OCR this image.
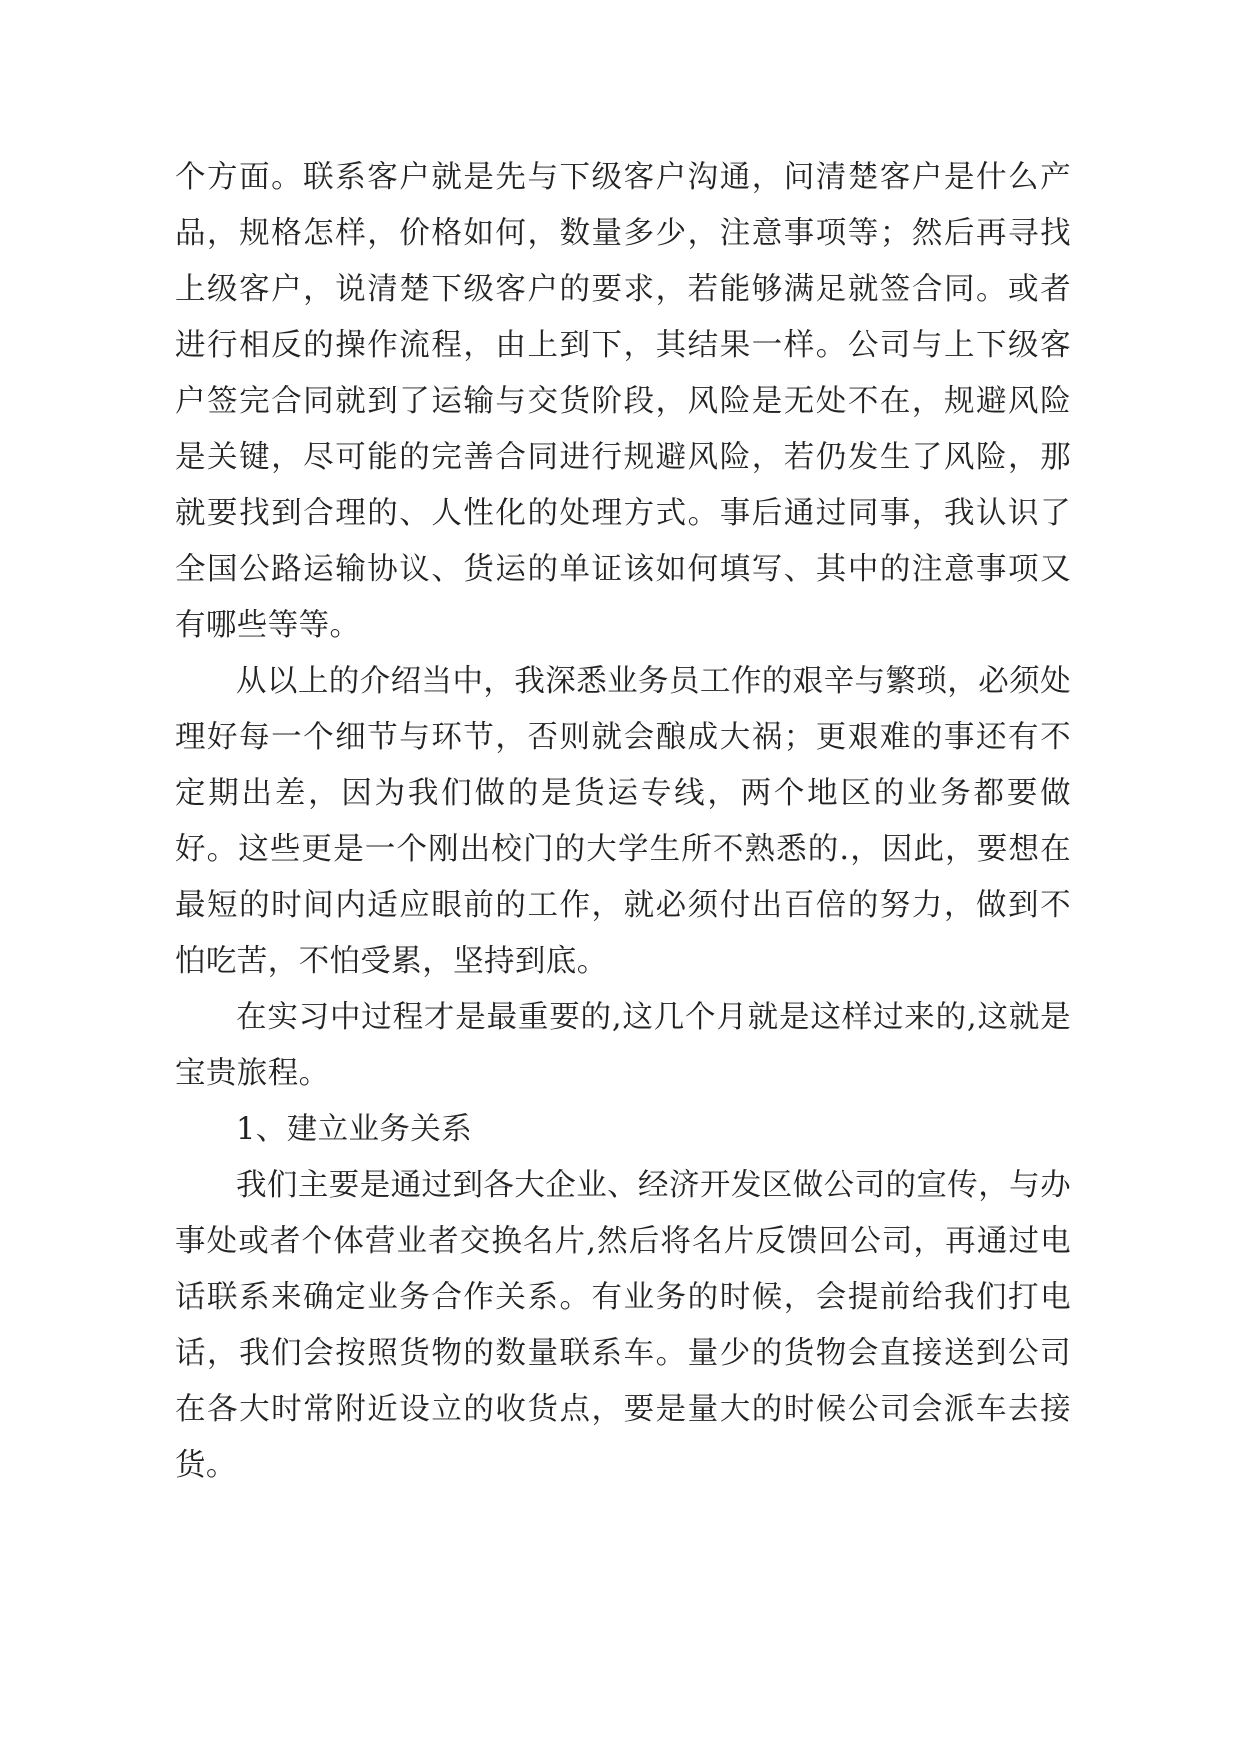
个方面。联系客户就是先与下级客户沟通，问清楚客户是什么产品，规格怎样，价格如何，数量多少，注意事项等；然后再寻找上级客户，说清楚下级客户的要求，若能够满足就签合同。或者进行相反的操作流程，由上到下，其结果一样。公司与上下级客户签完合同就到了运输与交货阶段，风险是无处不在，规避风险是关键，尽可能的完善合同进行规避风险，若仍发生了风险，那就要找到合理的、人性化的处理方式。事后通过同事，我认识了全国公路运输协议、货运的单证该如何填写、其中的注意事项又有哪些等等。

从以上的介绍当中，我深悉业务员工作的艰辛与繁琐，必须处理好每一个细节与环节，否则就会酿成大祸；更艰难的事还有不定期出差，因为我们做的是货运专线，两个地区的业务都要做好。这些更是一个刚出校门的大学生所不熟悉的.，因此，要想在最短的时间内适应眼前的工作，就必须付出百倍的努力，做到不怕吃苦，不怕受累，坚持到底。

在实习中过程才是最重要的,这几个月就是这样过来的,这就是宝贵旅程。

1、建立业务关系

我们主要是通过到各大企业、经济开发区做公司的宣传，与办事处或者个体营业者交换名片,然后将名片反馈回公司，再通过电话联系来确定业务合作关系。有业务的时候，会提前给我们打电话，我们会按照货物的数量联系车。量少的货物会直接送到公司在各大时常附近设立的收货点，要是量大的时候公司会派车去接货。
